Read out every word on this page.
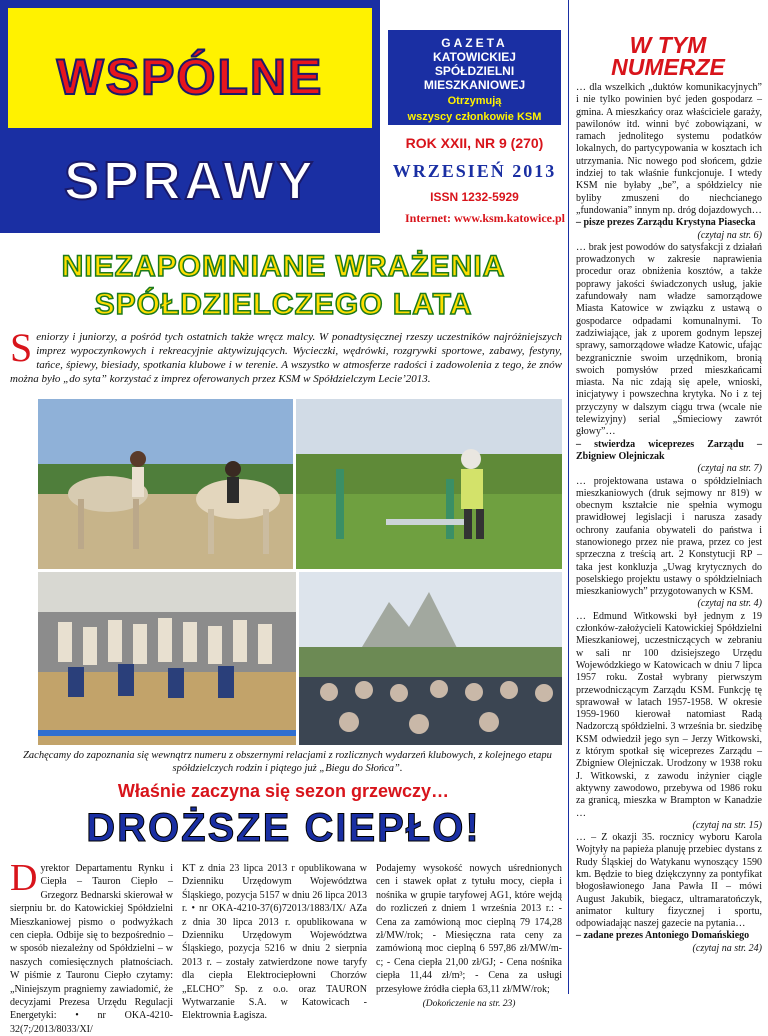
WSPÓLNE
SPRAWY
GAZETA
KATOWICKIEJ
SPÓŁDZIELNI
MIESZKANIOWEJ
Otrzymują
wszyscy członkowie KSM
ROK XXII, NR 9 (270)
WRZESIEŃ 2013
ISSN 1232-5929
Internet: www.ksm.katowice.pl
NIEZAPOMNIANE WRAŻENIA
SPÓŁDZIELCZEGO LATA
Seniorzy i juniorzy, a pośród tych ostatnich także wręcz malcy. W ponadtysięcznej rzeszy uczestników najróżniejszych imprez wypoczynkowych i rekreacyjnie aktywizujących. Wycieczki, wędrówki, rozgrywki sportowe, zabawy, festyny, tańce, śpiewy, biesiady, spotkania klubowe i w terenie. A wszystko w atmosferze radości i zadowolenia z tego, że znów można było „do syta” korzystać z imprez oferowanych przez KSM w Spółdzielczym Lecie’2013.
Zachęcamy do zapoznania się wewnątrz numeru z obszernymi relacjami z rozlicznych wydarzeń klubowych, z kolejnego etapu spółdzielczych rodzin i piątego już „Biegu do Słońca”.
Właśnie zaczyna się sezon grzewczy…
DROŻSZE CIEPŁO!
Dyrektor Departamentu Rynku i Ciepła – Tauron Ciepło – Grzegorz Bednarski skierował w sierpniu br. do Katowickiej Spółdzielni Mieszkaniowej pismo o podwyżkach cen ciepła. Odbije się to bezpośrednio – w sposób niezależny od Spółdzielni – w naszych comiesięcznych płatnościach. W piśmie z Tauronu Ciepło czytamy: „Niniejszym pragniemy zawiadomić, że decyzjami Prezesa Urzędu Regulacji Energetyki: • nr OKA-4210-32(7;/2013/8033/XI/
KT z dnia 23 lipca 2013 r opublikowana w Dzienniku Urzędowym Województwa Śląskiego, pozycja 5157 w dniu 26 lipca 2013 r. • nr OKA-4210-37(6)72013/1883/IX/ AZa z dnia 30 lipca 2013 r. opublikowana w Dzienniku Urzędowym Województwa Śląskiego, pozycja 5216 w dniu 2 sierpnia 2013 r. – zostały zatwierdzone nowe taryfy dla ciepła Elektrociepłowni Chorzów „ELCHO” Sp. z o.o. oraz TAURON Wytwarzanie S.A. w Katowicach - Elektrownia Łagisza.
Podajemy wysokość nowych uśrednionych cen i stawek opłat z tytułu mocy, ciepła i nośnika w grupie taryfowej AG1, które wejdą do rozliczeń z dniem 1 września 2013 r.: - Cena za zamówioną moc cieplną 79 174,28 zł/MW/rok; - Miesięczna rata ceny za zamówioną moc cieplną 6 597,86 zł/MW/m-c; - Cena ciepła 21,00 zł/GJ; - Cena nośnika ciepła 11,44 zł/m³; - Cena za usługi przesyłowe źródła ciepła 63,11 zł/MW/rok;
(Dokończenie na str. 23)
W TYM
NUMERZE

… dla wszelkich „duktów komunikacyjnych” i nie tylko powinien być jeden gospodarz – gmina. A mieszkańcy oraz właściciele garaży, pawilonów itd. winni być zobowiązani, w ramach jednolitego systemu podatków lokalnych, do partycypowania w kosztach ich utrzymania. Nic nowego pod słońcem, gdzie indziej to tak właśnie funkcjonuje. I wtedy KSM nie byłaby „be”, a spółdzielcy nie byliby zmuszeni do niechcianego „fundowania” innym np. dróg dojazdowych…

– pisze prezes Zarządu Krystyna Piasecka

(czytaj na str. 6)

… brak jest powodów do satysfakcji z działań prowadzonych w zakresie naprawienia procedur oraz obniżenia kosztów, a także poprawy jakości świadczonych usług, jakie zafundowały nam władze samorządowe Miasta Katowice w związku z ustawą o gospodarce odpadami komunalnymi. To zadziwiające, jak z uporem godnym lepszej sprawy, samorządowe władze Katowic, ufając bezgranicznie swoim urzędnikom, bronią swoich pomysłów przed mieszkańcami miasta. Na nic zdają się apele, wnioski, inicjatywy i powszechna krytyka. No i z tej przyczyny w dalszym ciągu trwa (wcale nie telewizyjny) serial „Śmieciowy zawrót głowy”…

– stwierdza wiceprezes Zarządu – Zbigniew Olejniczak

(czytaj na str. 7)

… projektowana ustawa o spółdzielniach mieszkaniowych (druk sejmowy nr 819) w obecnym kształcie nie spełnia wymogu prawidłowej legislacji i narusza zasady ochrony zaufania obywateli do państwa i stanowionego przez nie prawa, przez co jest sprzeczna z treścią art. 2 Konstytucji RP – taka jest konkluzja „Uwag krytycznych do poselskiego projektu ustawy o spółdzielniach mieszkaniowych” przygotowanych w KSM.

(czytaj na str. 4)

… Edmund Witkowski był jednym z 19 członków-założycieli Katowickiej Spółdzielni Mieszkaniowej, uczestniczących w zebraniu w sali nr 100 dzisiejszego Urzędu Wojewódzkiego w Katowicach w dniu 7 lipca 1957 roku. Został wybrany pierwszym przewodniczącym Zarządu KSM. Funkcję tę sprawował w latach 1957-1958. W okresie 1959-1960 kierował natomiast Radą Nadzorczą spółdzielni. 3 września br. siedzibę KSM odwiedził jego syn – Jerzy Witkowski, z którym spotkał się wiceprezes Zarządu – Zbigniew Olejniczak. Urodzony w 1938 roku J. Witkowski, z zawodu inżynier ciągle aktywny zawodowo, przebywa od 1986 roku za granicą, mieszka w Brampton w Kanadzie …

(czytaj na str. 15)

… – Z okazji 35. rocznicy wyboru Karola Wojtyły na papieża planuję przebiec dystans z Rudy Śląskiej do Watykanu wynoszący 1590 km. Będzie to bieg dziękczynny za pontyfikat błogosławionego Jana Pawła II – mówi August Jakubik, biegacz, ultramaratończyk, animator kultury fizycznej i sportu, odpowiadając naszej gazecie na pytania…

– zadane prezes Antoniego Domańskiego

(czytaj na str. 24)
